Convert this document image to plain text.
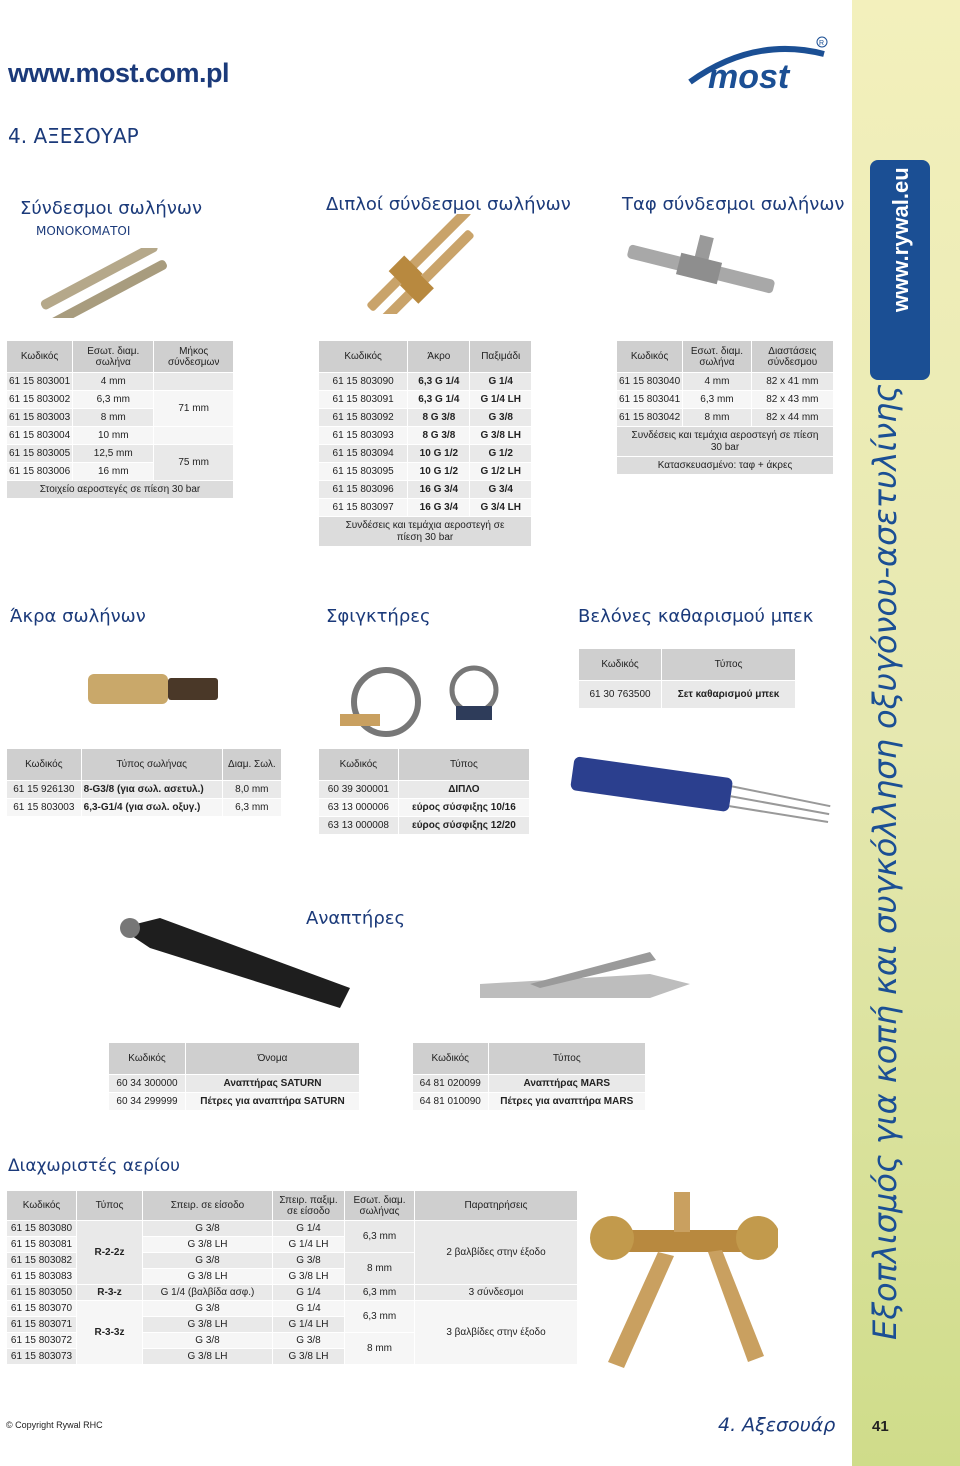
www.most.com.pl
4. ΑΞΕΣΟΥΑΡ
most
R
Σύνδεσμοι σωλήνων
ΜΟΝΟΚΟΜΑΤΟΙ
Κωδικός	Εσωτ. διαμ. σωλήνα	Μήκος σύνδεσμων
61 15 803001	4 mm	
61 15 803002	6,3 mm	71 mm
61 15 803003	8 mm	
61 15 803004	10 mm	
61 15 803005	12,5 mm	75 mm
61 15 803006	16 mm	
Στοιχείο αεροστεγές σε πίεση 30 bar		
Διπλοί σύνδεσμοι σωλήνων
Κωδικός	Άκρο	Παξιμάδι
61 15 803090	6,3 G 1/4	G 1/4
61 15 803091	6,3 G 1/4	G 1/4 LH
61 15 803092	8 G 3/8	G 3/8
61 15 803093	8 G 3/8	G 3/8 LH
61 15 803094	10 G 1/2	G 1/2
61 15 803095	10 G 1/2	G 1/2 LH
61 15 803096	16 G 3/4	G 3/4
61 15 803097	16 G 3/4	G 3/4 LH

Συνδέσεις και τεμάχια αεροστεγή σε
πίεση 30 bar		
Ταφ σύνδεσμοι σωλήνων
Κωδικός	Εσωτ. διαμ. σωλήνα	Διαστάσεις σύνδεσμου
61 15 803040	4 mm	82 x 41 mm
61 15 803041	6,3 mm	82 x 43 mm
61 15 803042	8 mm	82 x 44 mm

Συνδέσεις και τεμάχια αεροστεγή σε πίεση
30 bar		

Κατασκευασμένο: ταφ + άκρες		
Άκρα σωλήνων
Κωδικός	Τύπος σωλήνας	Διαμ. Σωλ.
61 15 926130	8-G3/8 (για σωλ. ασετυλ.)	8,0 mm
61 15 803003	6,3-G1/4 (για σωλ. οξυγ.)	6,3 mm
Σφιγκτήρες
Κωδικός	Τύπος
60 39 300001	ΔΙΠΛΟ
63 13 000006	εύρος σύσφιξης 10/16
63 13 000008	εύρος σύσφιξης 12/20
Βελόνες καθαρισμού μπεκ
Κωδικός	Τύπος
61 30 763500	Σετ καθαρισμού μπεκ
Αναπτήρες
Κωδικός	Όνομα
60 34 300000	Αναπτήρας SATURN
60 34 299999	Πέτρες για αναπτήρα SATURN
Κωδικός	Τύπος
64 81 020099	Αναπτήρας MARS
64 81 010090	Πέτρες για αναπτήρα MARS
Διαχωριστές αερίου
Κωδικός	Τύπος	Σπειρ. σε είσοδο	Σπειρ. παξιμ. σε είσοδο	Εσωτ. διαμ. σωλήνας	Παρατηρήσεις
61 15 803080	R-2-2z	G 3/8	G 1/4	6,3 mm	2 βαλβίδες στην έξοδο
61 15 803081		G 3/8 LH	G 1/4 LH		
61 15 803082		G 3/8	G 3/8	8 mm	
61 15 803083		G 3/8 LH	G 3/8 LH		
61 15 803050	R-3-z	G 1/4 (βαλβίδα ασφ.)	G 1/4	6,3 mm	3 σύνδεσμοι
61 15 803070	R-3-3z	G 3/8	G 1/4	6,3 mm	3 βαλβίδες στην έξοδο
61 15 803071		G 3/8 LH	G 1/4 LH		
61 15 803072		G 3/8	G 3/8	8 mm	
61 15 803073		G 3/8 LH	G 3/8 LH		
www.rywal.eu
Εξοπλισμός για κοπή και συγκόλληση οξυγόνου-ασετυλίνης
© Copyright Rywal RHC	4. Αξεσουάρ 41
